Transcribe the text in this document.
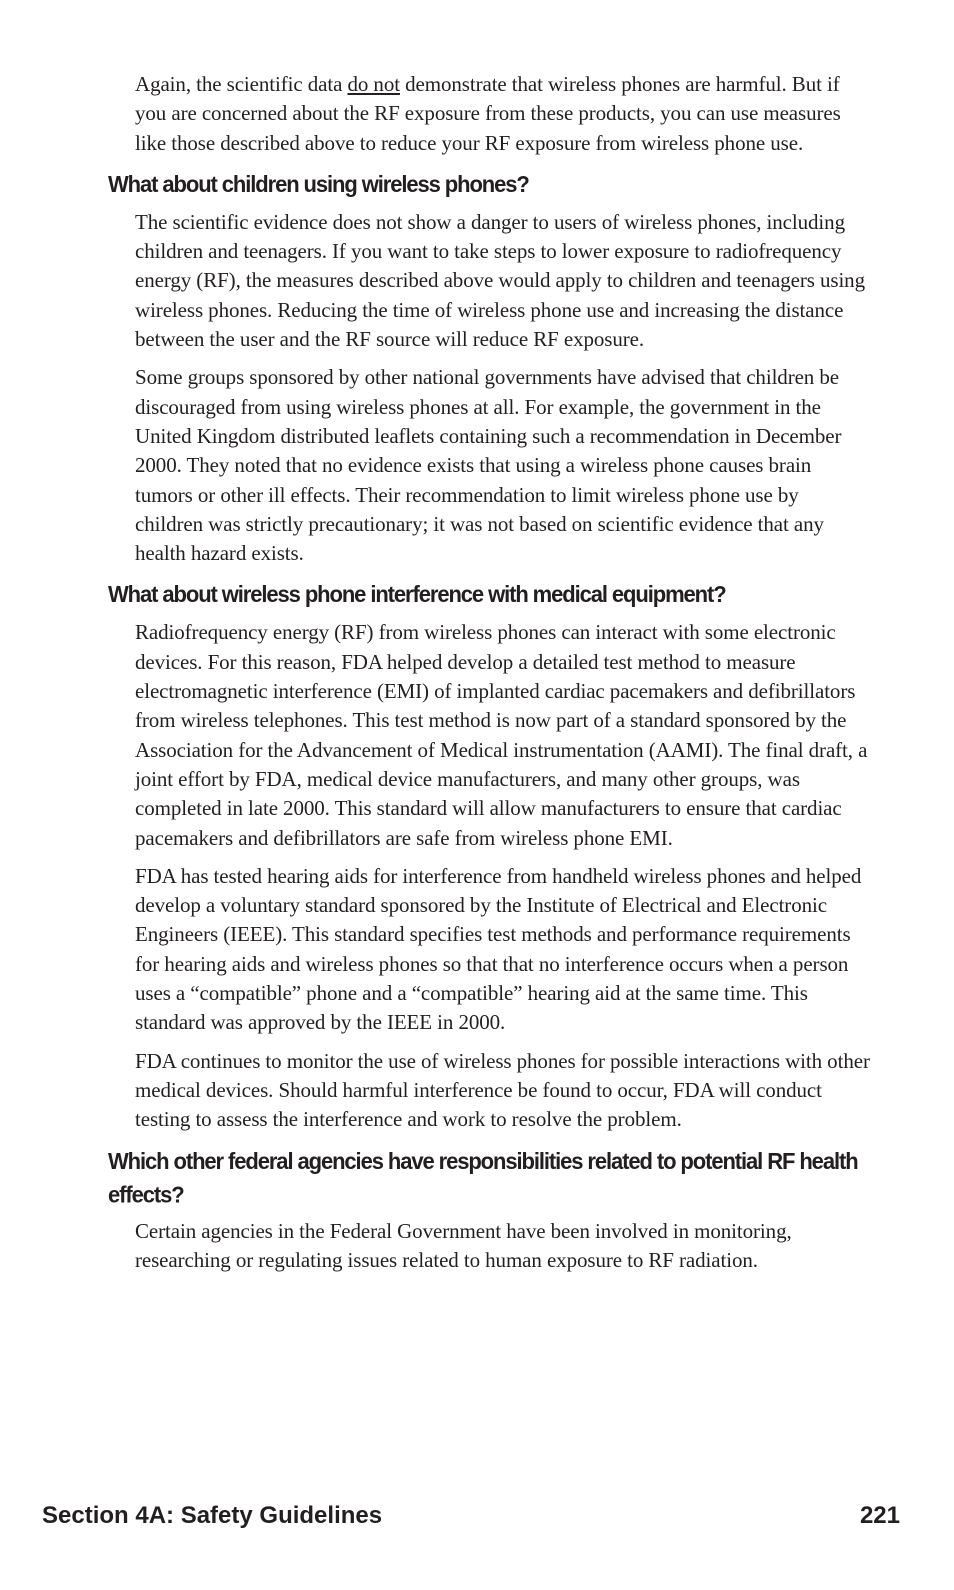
Again, the scientific data do not demonstrate that wireless phones are harmful. But if you are concerned about the RF exposure from these products, you can use measures like those described above to reduce your RF exposure from wireless phone use.

What about children using wireless phones?

The scientific evidence does not show a danger to users of wireless phones, including children and teenagers. If you want to take steps to lower exposure to radiofrequency energy (RF), the measures described above would apply to children and teenagers using wireless phones. Reducing the time of wireless phone use and increasing the distance between the user and the RF source will reduce RF exposure.

Some groups sponsored by other national governments have advised that children be discouraged from using wireless phones at all. For example, the government in the United Kingdom distributed leaflets containing such a recommendation in December 2000. They noted that no evidence exists that using a wireless phone causes brain tumors or other ill effects. Their recommendation to limit wireless phone use by children was strictly precautionary; it was not based on scientific evidence that any health hazard exists.

What about wireless phone interference with medical equipment?

Radiofrequency energy (RF) from wireless phones can interact with some electronic devices. For this reason, FDA helped develop a detailed test method to measure electromagnetic interference (EMI) of implanted cardiac pacemakers and defibrillators from wireless telephones. This test method is now part of a standard sponsored by the Association for the Advancement of Medical instrumentation (AAMI). The final draft, a joint effort by FDA, medical device manufacturers, and many other groups, was completed in late 2000. This standard will allow manufacturers to ensure that cardiac pacemakers and defibrillators are safe from wireless phone EMI.

FDA has tested hearing aids for interference from handheld wireless phones and helped develop a voluntary standard sponsored by the Institute of Electrical and Electronic Engineers (IEEE). This standard specifies test methods and performance requirements for hearing aids and wireless phones so that that no interference occurs when a person uses a “compatible” phone and a “compatible” hearing aid at the same time. This standard was approved by the IEEE in 2000.

FDA continues to monitor the use of wireless phones for possible interactions with other medical devices. Should harmful interference be found to occur, FDA will conduct testing to assess the interference and work to resolve the problem.

Which other federal agencies have responsibilities related to potential RF health effects?

Certain agencies in the Federal Government have been involved in monitoring, researching or regulating issues related to human exposure to RF radiation.

Section 4A: Safety Guidelines	221
